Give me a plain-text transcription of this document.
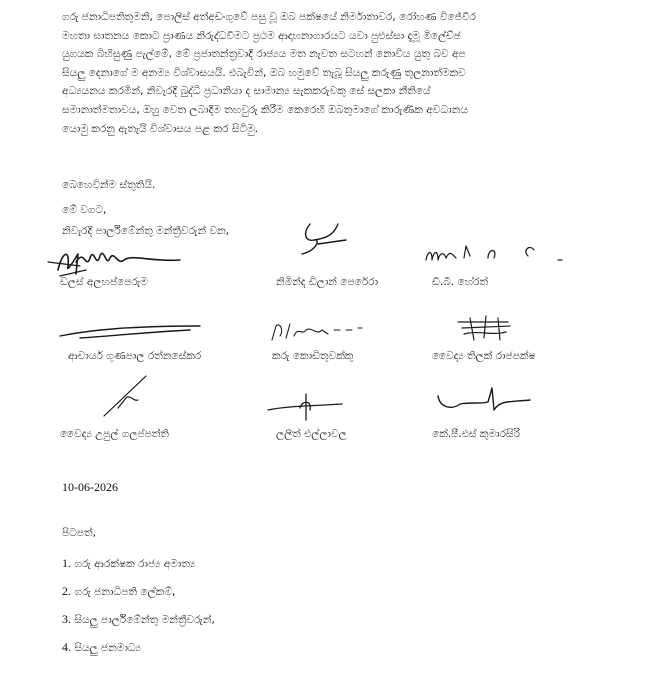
ගරු ජනාධිපතිතුමනි, පොලිස් අත්අඩංගුවේ පසු වූ ඔබ පක්ෂයේ නිර්මාතාවර, රෝහණ විජේවීර
මහතා ඝාතනය කොට ප්‍රාණය නිරුද්ධවීමට ප්‍රථම ආදාහනාගාරයට යවා පුළුස්සා දැමූ මිලේච්ඡ
යුගයක බිහිසුණු පැල්මේ, මේ ප්‍රජාතන්ත්‍රවාදී රාජ්‍යය මත නැවත සටහන් නොවිය යුතු බව අප
සියලු දෙනාගේ ම අනම්‍ය විශ්වාසයයි. එබැවින්, ඔබ හමුවේ තැබූ සියලු කරුණු තුලනාත්මකව
අධ්‍යයනය කරමින්, නිවැරදි බුද්ධි ප්‍රධානියා ද සාමාන්‍ය සැකකරුවකු සේ සලකා නීතියේ
සමානාත්මතාවය, ඔහු වෙත ලබාදීම තහවුරු කිරීම කෙරෙහි ඔබතුමාගේ කාරුණික අවධානය
යොමු කරනු ඇතැයි විශ්වාසය පළ කර සිටිමු.
බෙහෙවින්ම ස්තුතියි.
මේ වගට,
නිවැරදි පාර්ලිමේන්තු මන්ත්‍රීවරුන් වන,
ඩලස් අලහප්පෙරුම	නිමින්ද ඩිලාන් පෙරේරා	ඩී.බී. හේරත්
ආචාර්ය ගුණපාල රත්නසේකර	කරු කොඩිතුවක්කු	වෛද්‍ය තිලක් රාජපක්ෂ
වෛද්‍ය උපුල් ගලප්පත්ති	ලලිත් එල්ලාවල	කේ.පී.එස් කුමාරසිරි
10-06-2026
පිටපත්,
1. ගරු ආරක්ෂක රාජ්‍ය අමාත්‍ය
2. ගරු ජනාධිපති ලේකම්,
3. සියලු පාර්ලිමේන්තු මන්ත්‍රීවරුන්,
4. සියලු ජනමාධ්‍ය
